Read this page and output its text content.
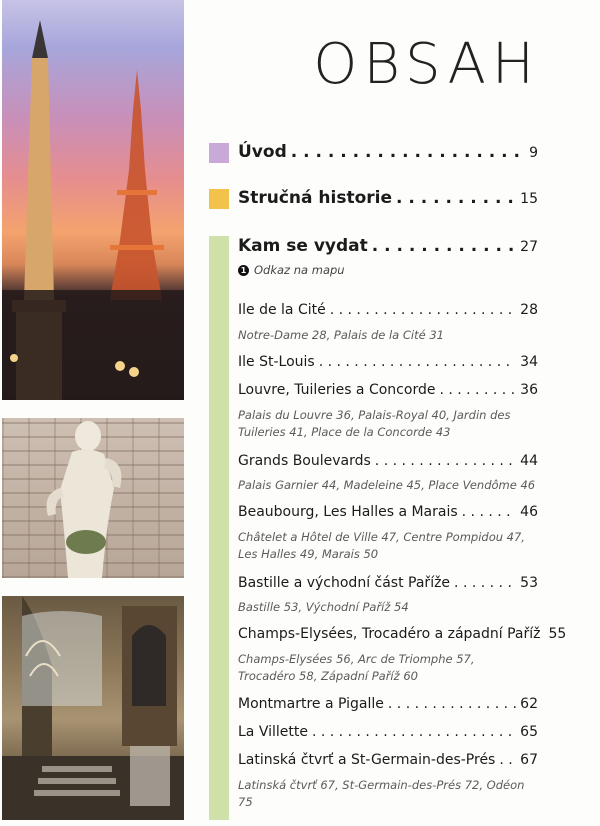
OBSAH
Úvod . . .	9
Stručná historie . . .	15
Kam se vydat . . .	27
1 Odkaz na mapu
Ile de la Cité . . .	28
Notre-Dame 28, Palais de la Cité 31
Ile St-Louis . . .	34
Louvre, Tuileries a Concorde . . .	36
Palais du Louvre 36, Palais-Royal 40, Jardin des
Tuileries 41, Place de la Concorde 43
Grands Boulevards . . .	44
Palais Garnier 44, Madeleine 45, Place Vendôme 46
Beaubourg, Les Halles a Marais . . .	46
Châtelet a Hôtel de Ville 47, Centre Pompidou 47,
Les Halles 49, Marais 50
Bastille a východní část Paříže . . .	53
Bastille 53, Východní Paříž 54
Champs-Elysées, Trocadéro a západní Paříž 55
Champs-Elysées 56, Arc de Triomphe 57,
Trocadéro 58, Západní Paříž 60
Montmartre a Pigalle . . .	62
La Villette . . .	65
Latinská čtvrť a St-Germain-des-Prés . . . 67
Latinská čtvrť 67, St-Germain-des-Prés 72, Odéon 75
